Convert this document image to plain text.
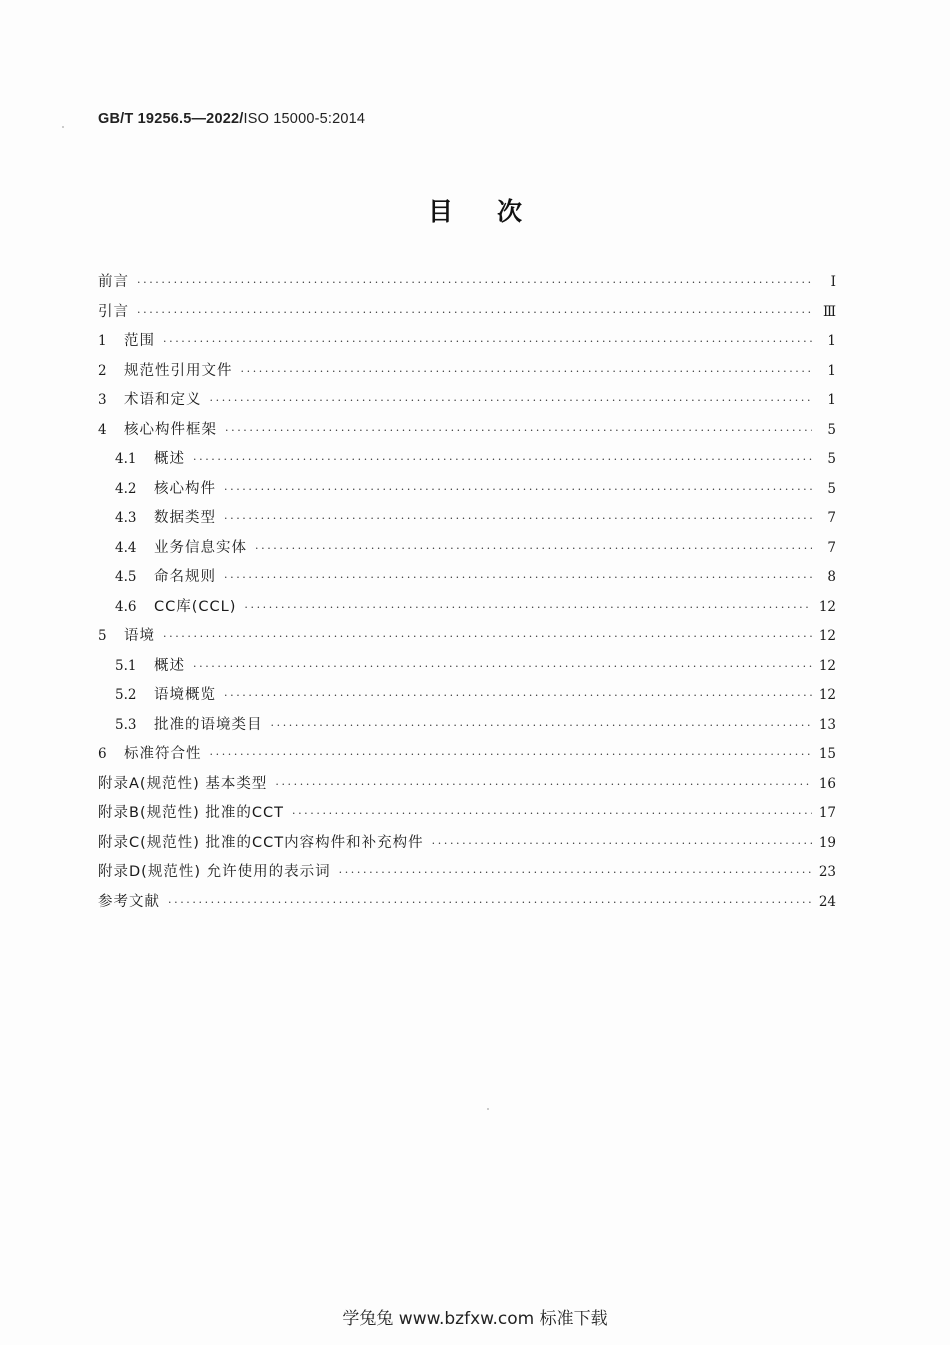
GB/T 19256.5—2022/ISO 15000-5:2014
目次
前言 ·····	Ⅰ
引言 ·····	Ⅲ
1	范围 ·····	1
2	规范性引用文件 ·····	1
3	术语和定义 ·····	1
4	核心构件框架 ·····	5
4.1	概述 ·····	5
4.2	核心构件 ·····	5
4.3	数据类型 ·····	7
4.4	业务信息实体 ·····	7
4.5	命名规则 ·····	8
4.6	CC库(CCL) ·····	12
5	语境 ·····	12
5.1	概述 ·····	12
5.2	语境概览 ·····	12
5.3	批准的语境类目 ·····	13
6	标准符合性 ·····	15
附录A(规范性) 基本类型 ·····	16
附录B(规范性) 批准的CCT ·····	17
附录C(规范性) 批准的CCT内容构件和补充构件 ·····	19
附录D(规范性) 允许使用的表示词 ·····	23
参考文献 ·····	24
学兔兔 www.bzfxw.com 标准下载
